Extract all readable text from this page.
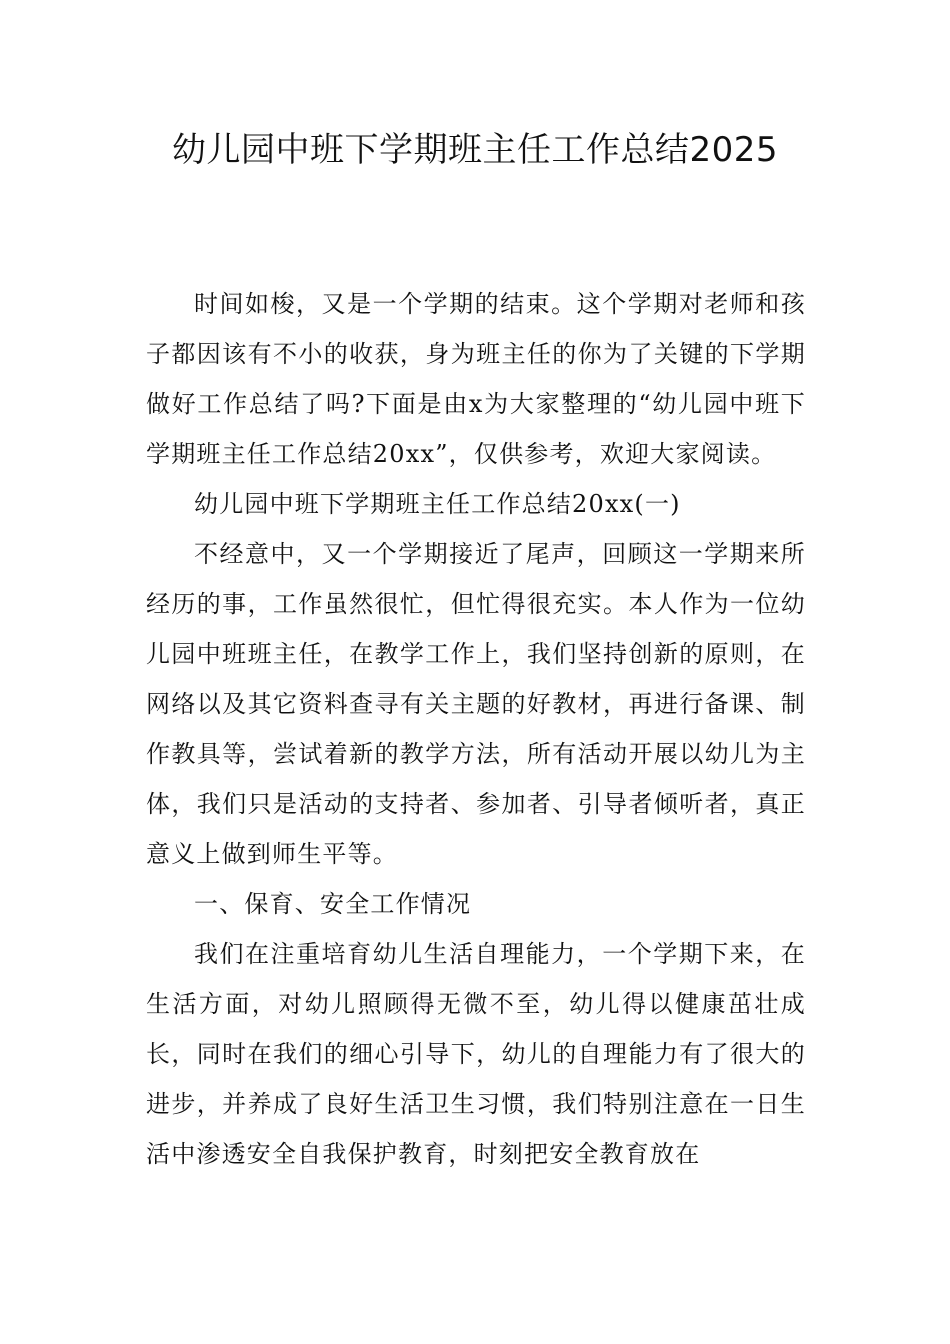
幼儿园中班下学期班主任工作总结2025

时间如梭，又是一个学期的结束。这个学期对老师和孩子都因该有不小的收获，身为班主任的你为了关键的下学期做好工作总结了吗?下面是由x为大家整理的“幼儿园中班下学期班主任工作总结20xx”，仅供参考，欢迎大家阅读。

幼儿园中班下学期班主任工作总结20xx(一)

不经意中，又一个学期接近了尾声，回顾这一学期来所经历的事，工作虽然很忙，但忙得很充实。本人作为一位幼儿园中班班主任，在教学工作上，我们坚持创新的原则，在网络以及其它资料查寻有关主题的好教材，再进行备课、制作教具等，尝试着新的教学方法，所有活动开展以幼儿为主体，我们只是活动的支持者、参加者、引导者倾听者，真正意义上做到师生平等。

一、保育、安全工作情况

我们在注重培育幼儿生活自理能力，一个学期下来，在生活方面，对幼儿照顾得无微不至，幼儿得以健康茁壮成长，同时在我们的细心引导下，幼儿的自理能力有了很大的进步，并养成了良好生活卫生习惯，我们特别注意在一日生活中渗透安全自我保护教育，时刻把安全教育放在
